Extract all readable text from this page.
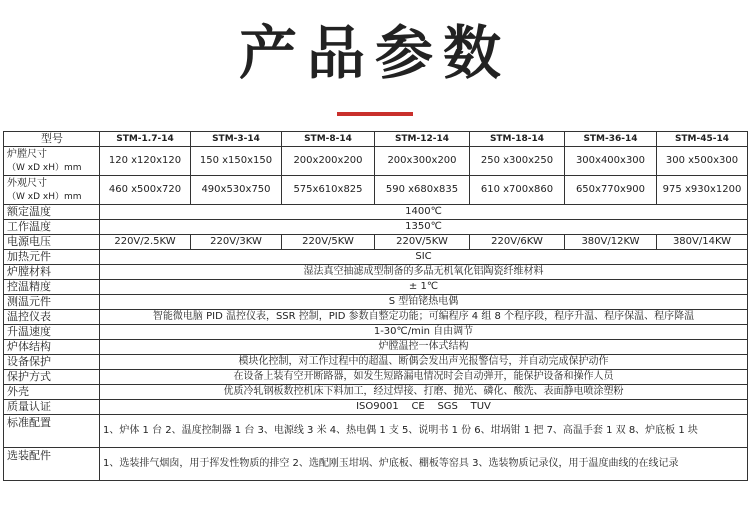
产品参数
型号	STM-1.7-14	STM-3-14	STM-8-14	STM-12-14	STM-18-14	STM-36-14	STM-45-14
炉膛尺寸
（W xD xH）mm	120 x120x120	150 x150x150	200x200x200	200x300x200	250 x300x250	300x400x300	300 x500x300
外观尺寸
（W xD xH）mm	460 x500x720	490x530x750	575x610x825	590 x680x835	610 x700x860	650x770x900	975 x930x1200
额定温度	1400℃						
工作温度	1350℃						
电源电压	220V/2.5KW	220V/3KW	220V/5KW	220V/5KW	220V/6KW	380V/12KW	380V/14KW
加热元件	SIC						
炉膛材料	湿法真空抽滤成型制备的多晶无机氧化铝陶瓷纤维材料						
控温精度	± 1℃						
测温元件	S 型铂铑热电偶						
温控仪表	智能微电脑 PID 温控仪表，SSR 控制，PID 参数自整定功能；可编程序 4 组 8 个程序段，程序升温、程序保温、程序降温						
升温速度	1-30℃/min 自由调节						
炉体结构	炉膛温控一体式结构						
设备保护	模块化控制，对工作过程中的超温、断偶会发出声光报警信号，并自动完成保护动作						
保护方式	在设备上装有空开断路器，如发生短路漏电情况时会自动弹开，能保护设备和操作人员						
外壳	优质冷轧钢板数控机床下料加工，经过焊接、打磨、抛光、磷化、酸洗、表面静电喷涂塑粉						
质量认证	ISO9001    CE    SGS    TUV						
标准配置	1、炉体 1 台 2、温度控制器 1 台 3、电源线 3 米 4、热电偶 1 支 5、说明书 1 份 6、坩埚钳 1 把 7、高温手套 1 双 8、炉底板 1 块						
选装配件	1、选装排气烟囱，用于挥发性物质的排空 2、选配刚玉坩埚、炉底板、棚板等窑具 3、选装物质记录仪，用于温度曲线的在线记录						
